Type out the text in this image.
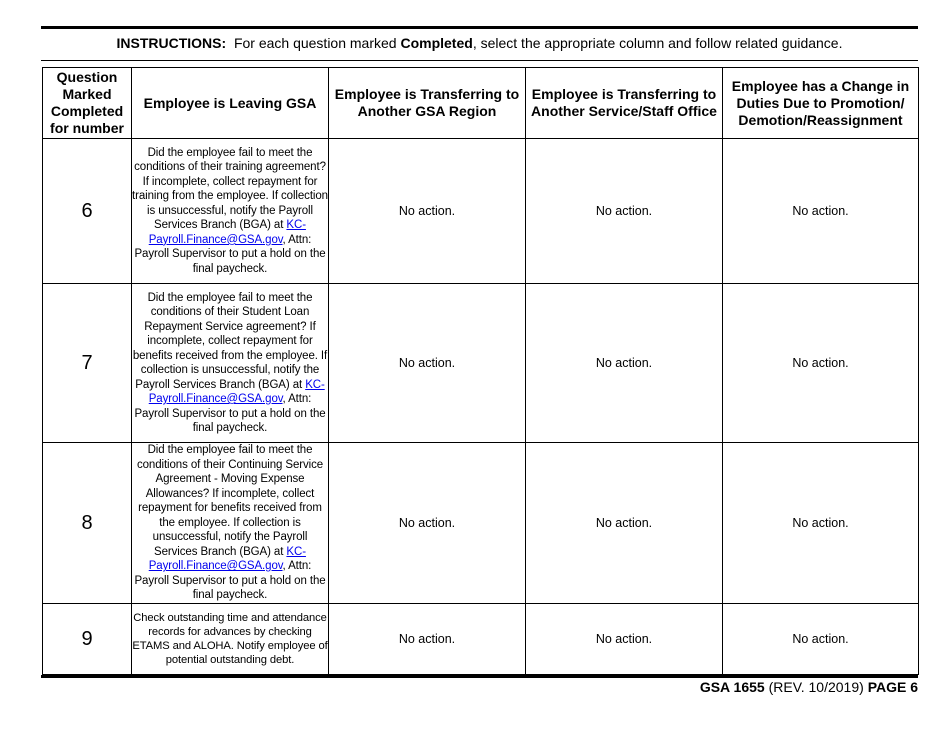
INSTRUCTIONS: For each question marked Completed, select the appropriate column and follow related guidance.
Question Marked Completed for number	Employee is Leaving GSA	Employee is Transferring to Another GSA Region	Employee is Transferring to Another Service/Staff Office	Employee has a Change in Duties Due to Promotion/ Demotion/Reassignment
6	Did the employee fail to meet the conditions of their training agreement? If incomplete, collect repayment for training from the employee. If collection is unsuccessful, notify the Payroll Services Branch (BGA) at KC-Payroll.Finance@GSA.gov, Attn: Payroll Supervisor to put a hold on the final paycheck.	No action.	No action.	No action.
7	Did the employee fail to meet the conditions of their Student Loan Repayment Service agreement? If incomplete, collect repayment for benefits received from the employee. If collection is unsuccessful, notify the Payroll Services Branch (BGA) at KC-Payroll.Finance@GSA.gov, Attn: Payroll Supervisor to put a hold on the final paycheck.	No action.	No action.	No action.
8	Did the employee fail to meet the conditions of their Continuing Service Agreement - Moving Expense Allowances? If incomplete, collect repayment for benefits received from the employee. If collection is unsuccessful, notify the Payroll Services Branch (BGA) at KC-Payroll.Finance@GSA.gov, Attn: Payroll Supervisor to put a hold on the final paycheck.	No action.	No action.	No action.
9	Check outstanding time and attendance records for advances by checking ETAMS and ALOHA. Notify employee of potential outstanding debt.	No action.	No action.	No action.
GSA 1655 (REV. 10/2019) PAGE 6
